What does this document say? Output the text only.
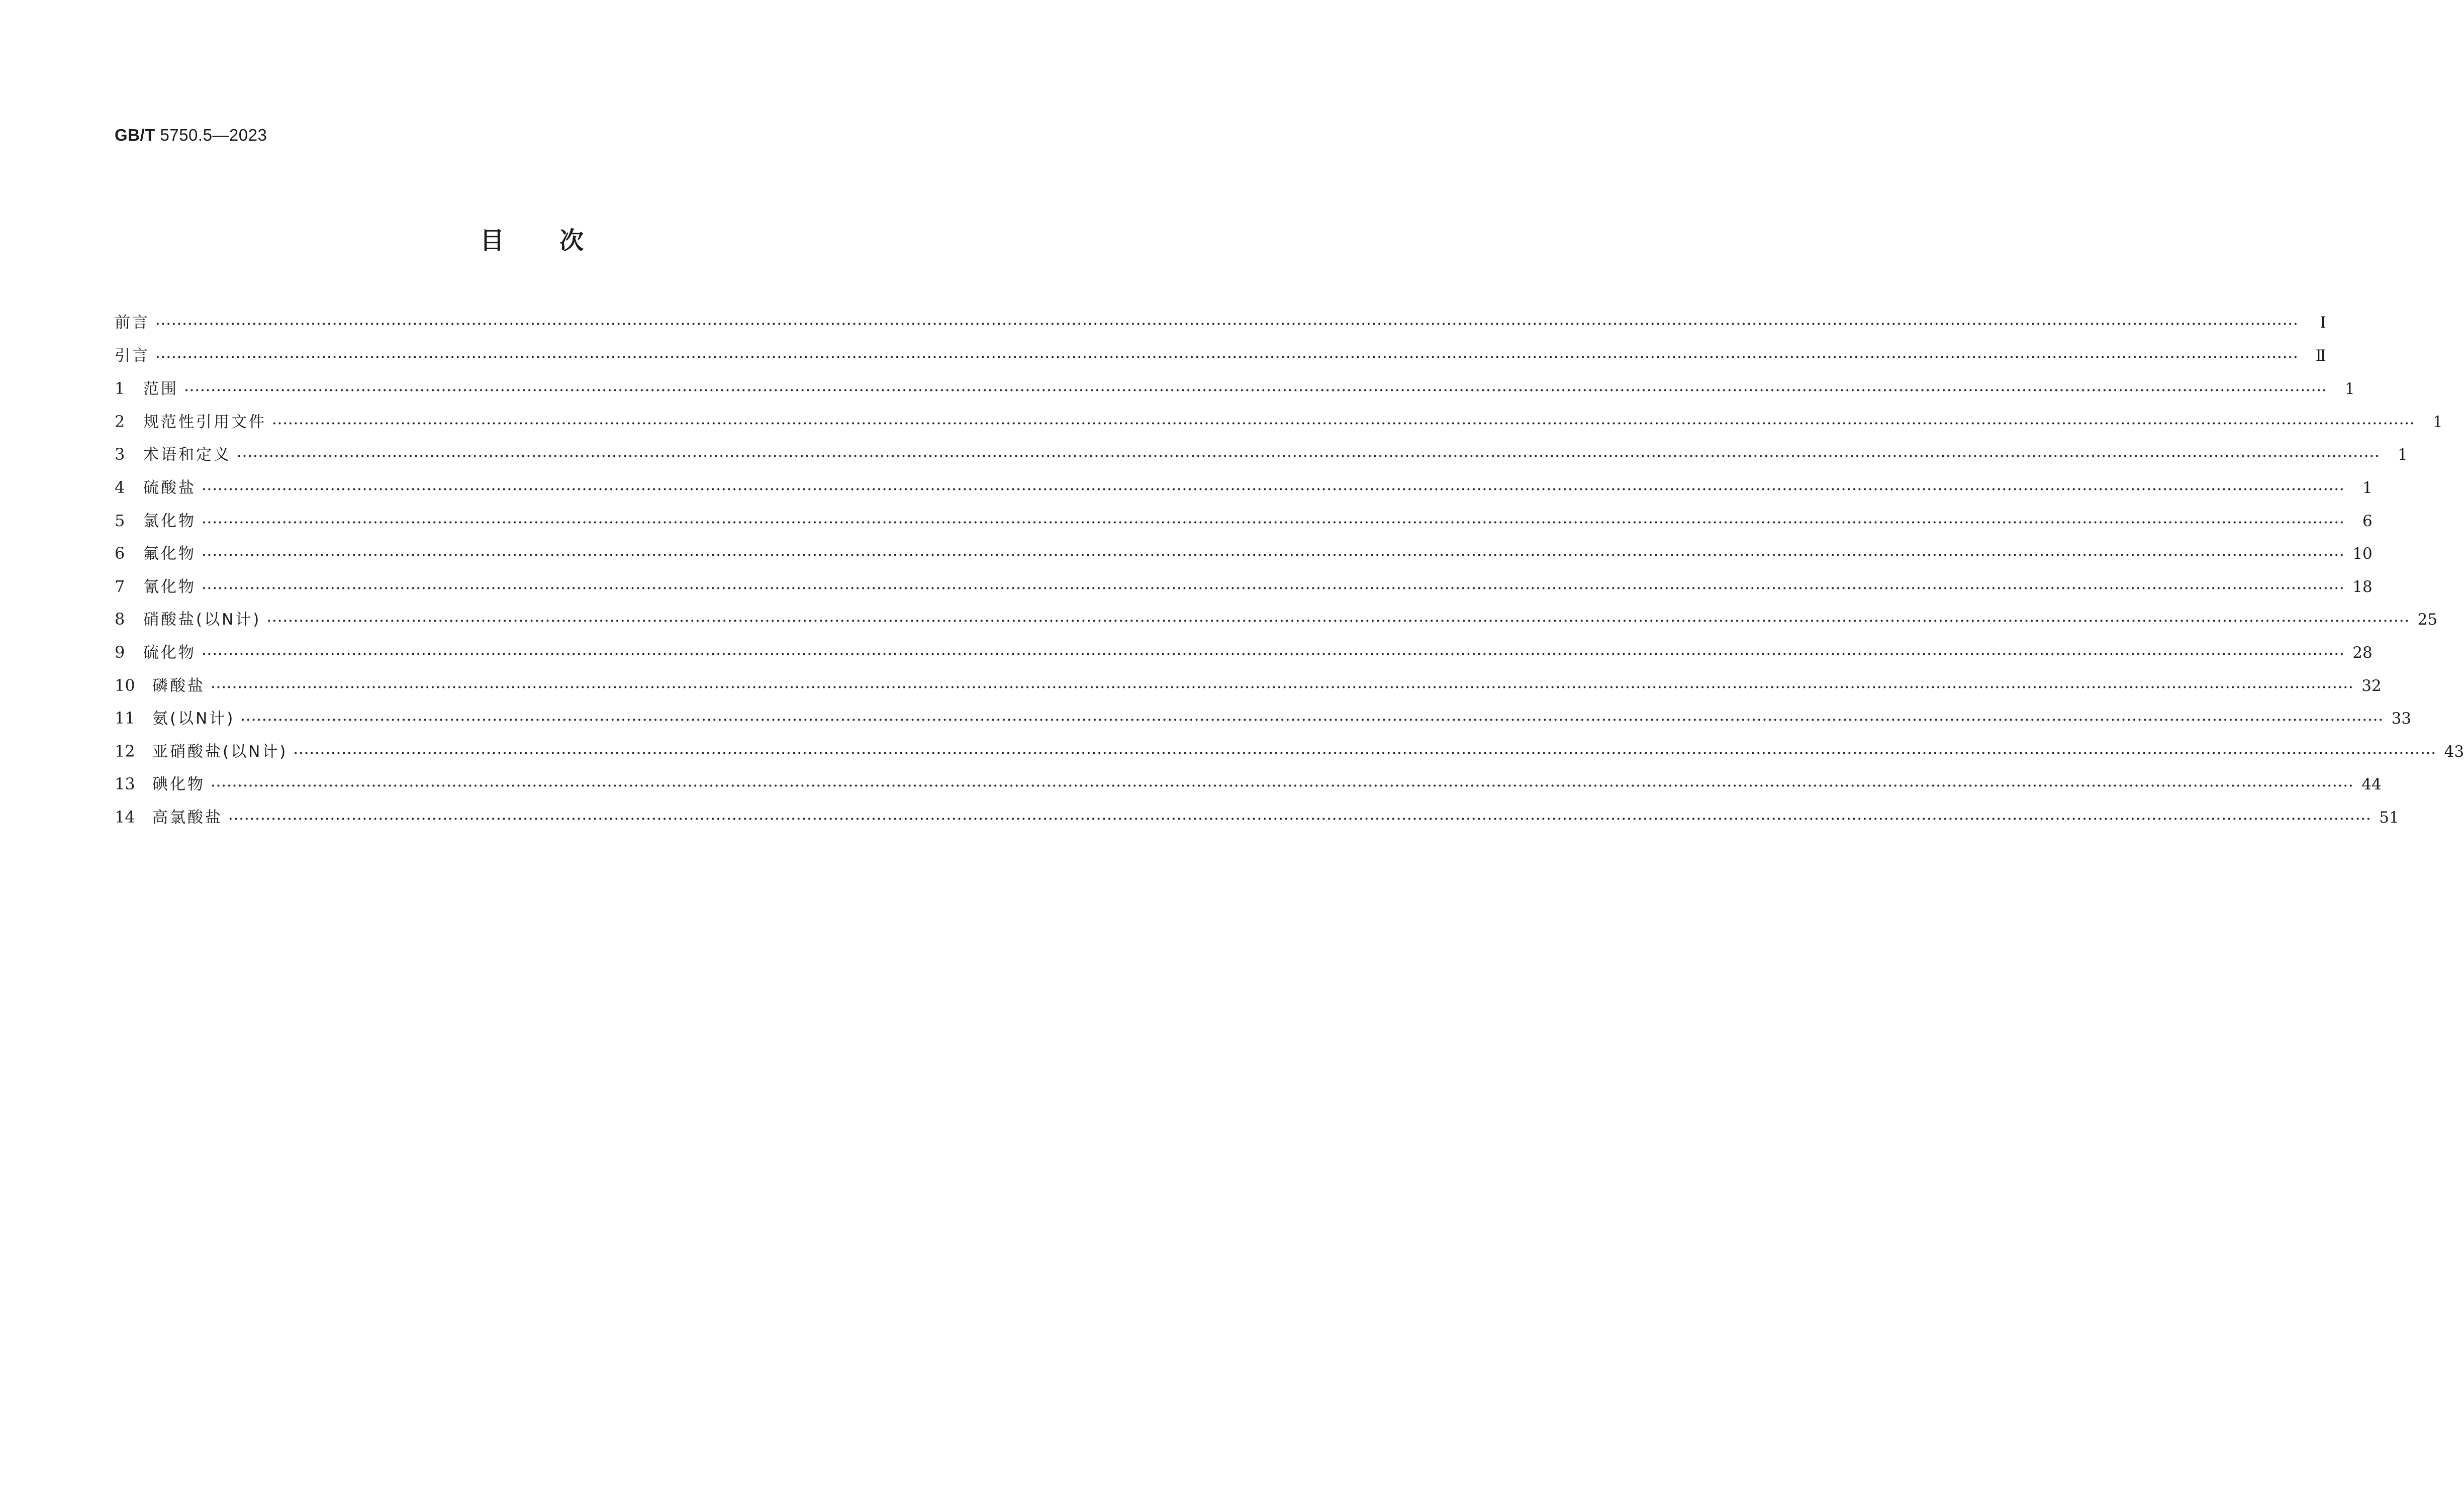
GB/T 5750.5—2023
目次
前言 ················································································································································································································································································································································································································	Ⅰ
引言 ················································································································································································································································································································································································································	Ⅱ
1	范围 ················································································································································································································································································································································································································	1
2	规范性引用文件 ················································································································································································································································································································································································································	1
3	术语和定义 ················································································································································································································································································································································································································	1
4	硫酸盐 ················································································································································································································································································································································································································	1
5	氯化物 ················································································································································································································································································································································································································	6
6	氟化物 ················································································································································································································································································································································································································ 10
7	氰化物 ················································································································································································································································································································································································································ 18
8	硝酸盐(以N计) ················································································································································································································································································································································································································ 25
9	硫化物 ················································································································································································································································································································································································································ 28
10	磷酸盐 ················································································································································································································································································································································································································ 32
11	氨(以N计) ················································································································································································································································································································································································································ 33
12	亚硝酸盐(以N计) ················································································································································································································································································································································································································ 43
13	碘化物 ················································································································································································································································································································································································································ 44
14	高氯酸盐 ················································································································································································································································································································································································································ 51
